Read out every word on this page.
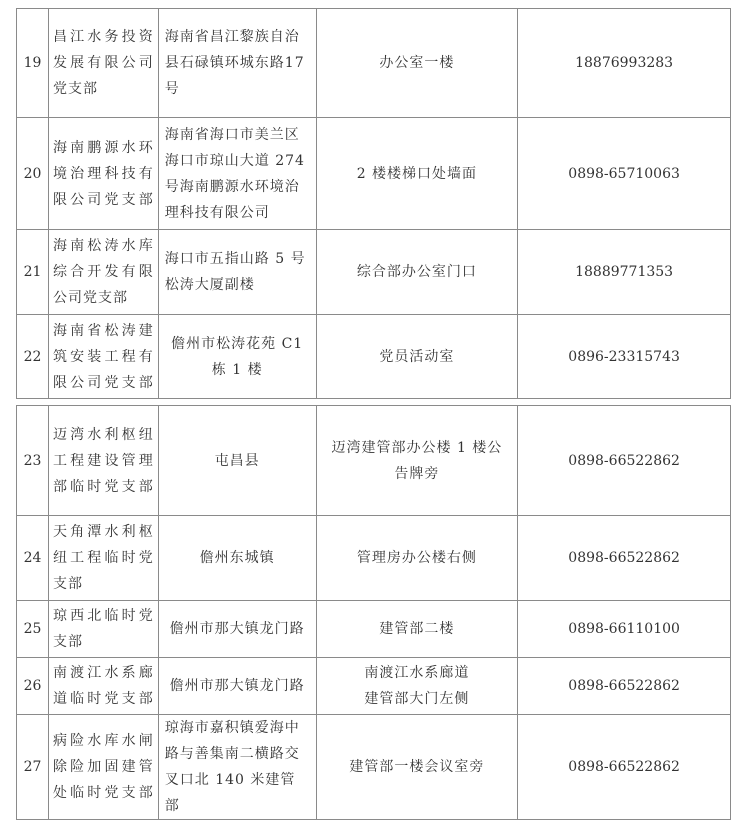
19	昌江水务投资
发展有限公司
党支部	海南省昌江黎族自治
县石碌镇环城东路17
号	办公室一楼	18876993283
20	海南鹏源水环
境治理科技有
限公司党支部	海南省海口市美兰区
海口市琼山大道 274
号海南鹏源水环境治
理科技有限公司	2 楼楼梯口处墙面	0898-65710063
21	海南松涛水库
综合开发有限
公司党支部	海口市五指山路 5 号
松涛大厦副楼	综合部办公室门口	18889771353
22	海南省松涛建
筑安装工程有
限公司党支部	儋州市松涛花苑 C1
栋 1 楼	党员活动室	0896-23315743
23	迈湾水利枢纽
工程建设管理
部临时党支部	屯昌县	迈湾建管部办公楼 1 楼公
告牌旁	0898-66522862
24	天角潭水利枢
纽工程临时党
支部	儋州东城镇	管理房办公楼右侧	0898-66522862
25	琼西北临时党
支部	儋州市那大镇龙门路	建管部二楼	0898-66110100
26	南渡江水系廊
道临时党支部	儋州市那大镇龙门路	南渡江水系廊道
建管部大门左侧	0898-66522862
27	病险水库水闸
除险加固建管
处临时党支部	琼海市嘉积镇爱海中
路与善集南二横路交
叉口北 140 米建管部	建管部一楼会议室旁	0898-66522862
